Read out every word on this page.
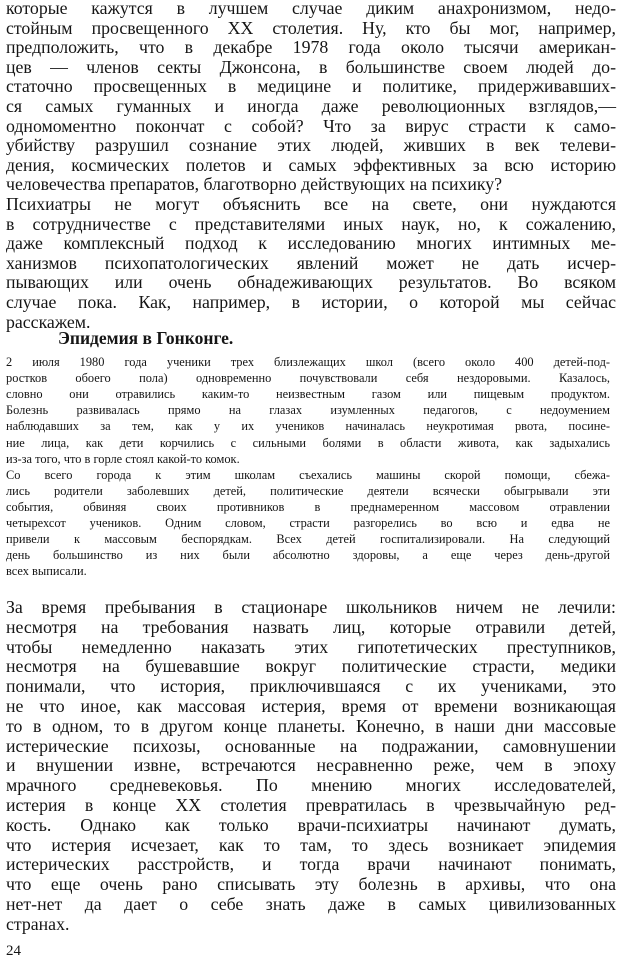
которые кажутся в лучшем случае диким анахронизмом, недо-
стойным просвещенного XX столетия. Ну, кто бы мог, например,
предположить, что в декабре 1978 года около тысячи американ-
цев — членов секты Джонсона, в большинстве своем людей до-
статочно просвещенных в медицине и политике, придерживавших-
ся самых гуманных и иногда даже революционных взглядов,—
одномоментно покончат с собой? Что за вирус страсти к само-
убийству разрушил сознание этих людей, живших в век телеви-
дения, космических полетов и самых эффективных за всю историю
человечества препаратов, благотворно действующих на психику?
Психиатры не могут объяснить все на свете, они нуждаются
в сотрудничестве с представителями иных наук, но, к сожалению,
даже комплексный подход к исследованию многих интимных ме-
ханизмов психопатологических явлений может не дать исчер-
пывающих или очень обнадеживающих результатов. Во всяком
случае пока. Как, например, в истории, о которой мы сейчас
расскажем.
Эпидемия в Гонконге.
2 июля 1980 года ученики трех близлежащих школ (всего около 400 детей-под-
ростков обоего пола) одновременно почувствовали себя нездоровыми. Казалось,
словно они отравились каким-то неизвестным газом или пищевым продуктом.
Болезнь развивалась прямо на глазах изумленных педагогов, с недоумением
наблюдавших за тем, как у их учеников начиналась неукротимая рвота, посине-
ние лица, как дети корчились с сильными болями в области живота, как задыхались
из-за того, что в горле стоял какой-то комок.
Со всего города к этим школам съехались машины скорой помощи, сбежа-
лись родители заболевших детей, политические деятели всячески обыгрывали эти
события, обвиняя своих противников в преднамеренном массовом отравлении
четырехсот учеников. Одним словом, страсти разгорелись во всю и едва не
привели к массовым беспорядкам. Всех детей госпитализировали. На следующий
день большинство из них были абсолютно здоровы, а еще через день-другой
всех выписали.
За время пребывания в стационаре школьников ничем не лечили:
несмотря на требования назвать лиц, которые отравили детей,
чтобы немедленно наказать этих гипотетических преступников,
несмотря на бушевавшие вокруг политические страсти, медики
понимали, что история, приключившаяся с их учениками, это
не что иное, как массовая истерия, время от времени возникающая
то в одном, то в другом конце планеты. Конечно, в наши дни массовые
истерические психозы, основанные на подражании, самовнушении
и внушении извне, встречаются несравненно реже, чем в эпоху
мрачного средневековья. По мнению многих исследователей,
истерия в конце XX столетия превратилась в чрезвычайную ред-
кость. Однако как только врачи-психиатры начинают думать,
что истерия исчезает, как то там, то здесь возникает эпидемия
истерических расстройств, и тогда врачи начинают понимать,
что еще очень рано списывать эту болезнь в архивы, что она
нет-нет да дает о себе знать даже в самых цивилизованных
странах.
24
